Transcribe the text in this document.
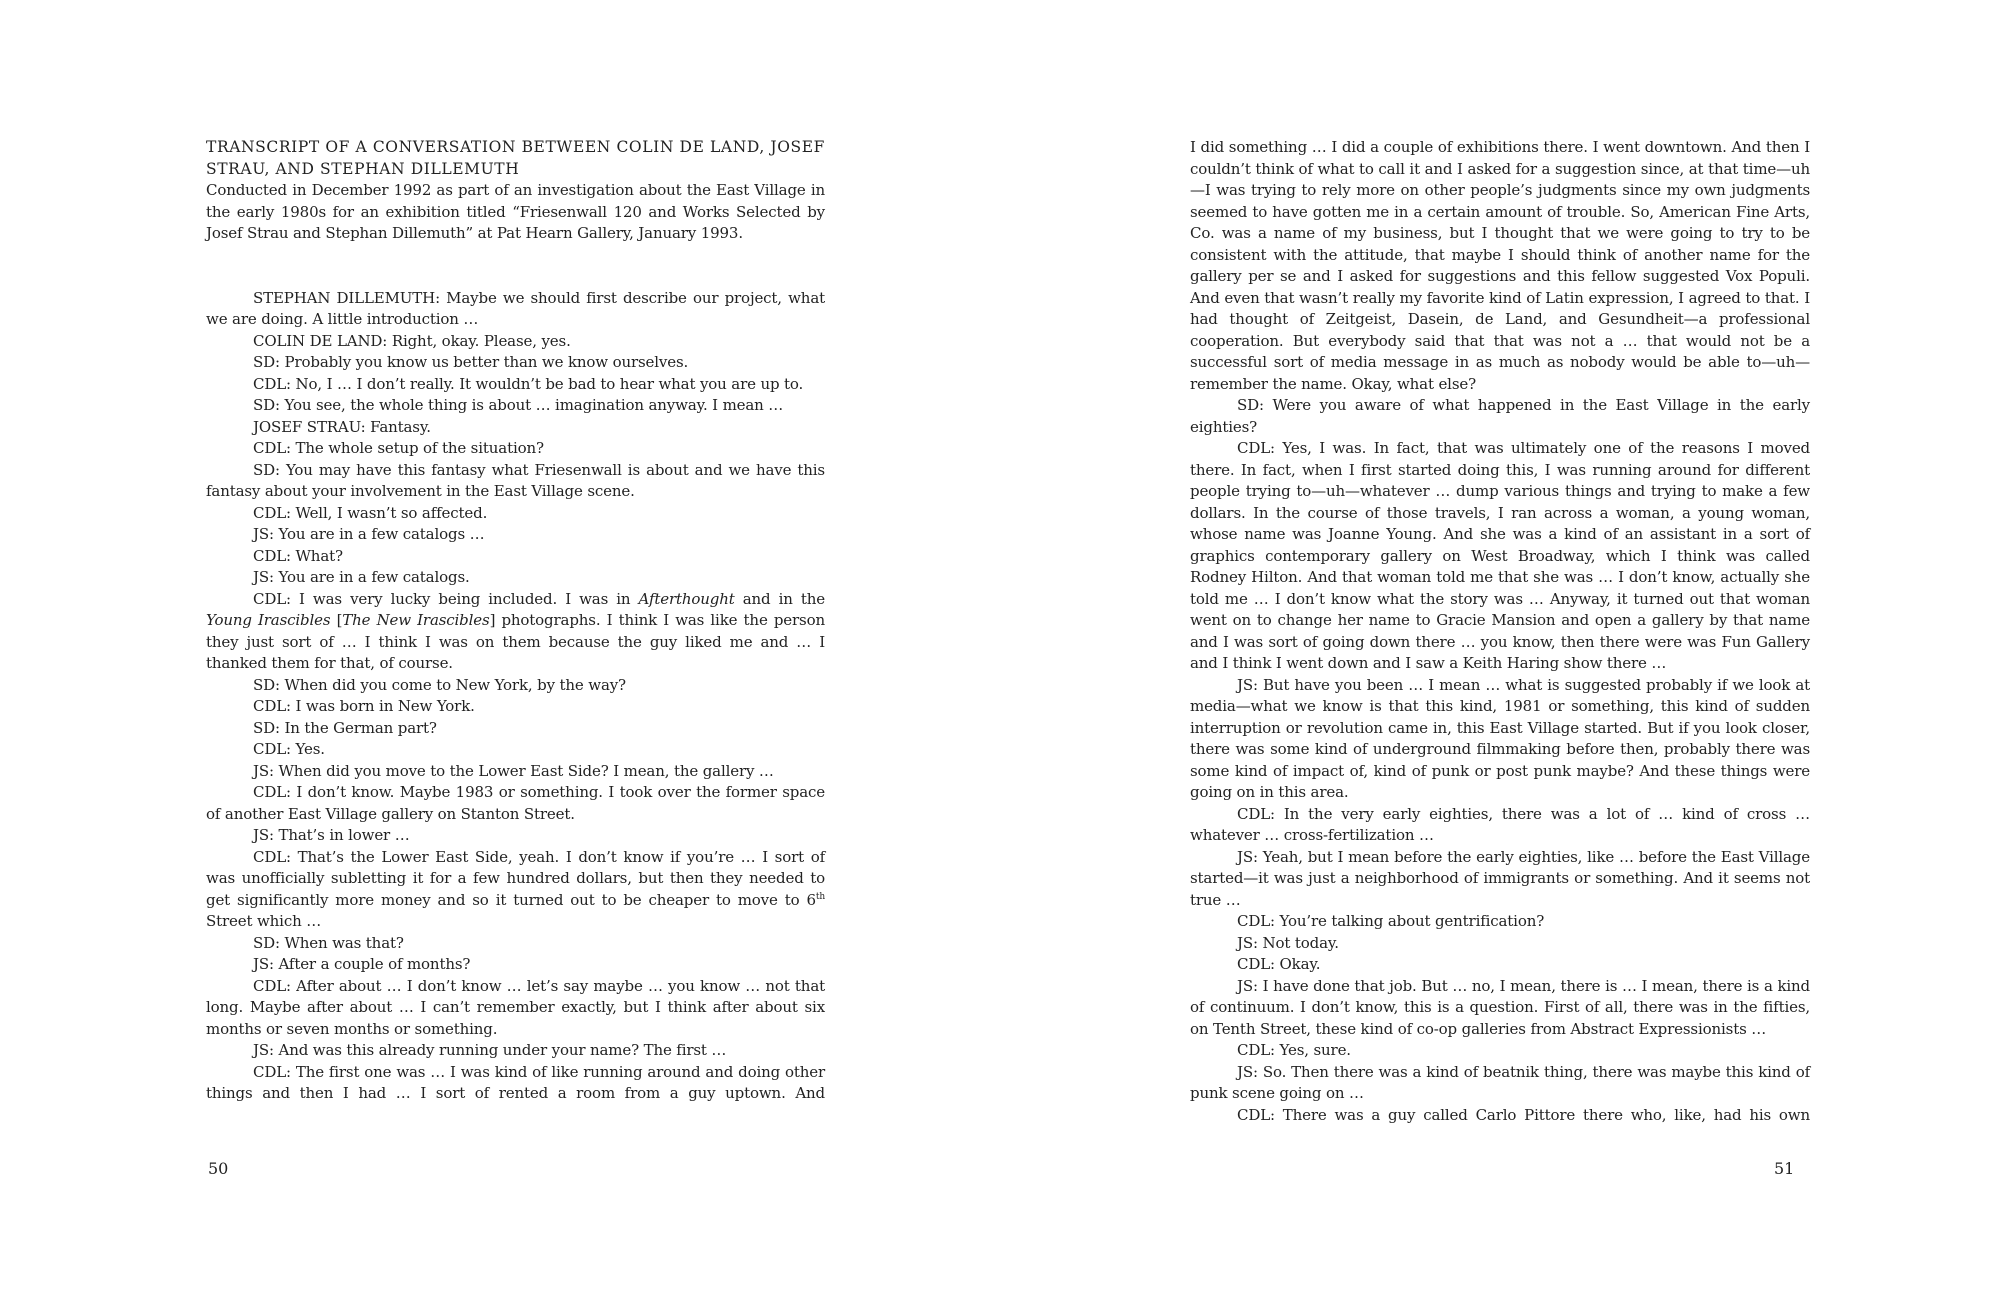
TRANSCRIPT OF A CONVERSATION BETWEEN COLIN DE LAND, JOSEF STRAU, AND STEPHAN DILLEMUTH

Conducted in December 1992 as part of an investigation about the East Village in the early 1980s for an exhibition titled “Friesenwall 120 and Works Selected by Josef Strau and Stephan Dillemuth” at Pat Hearn Gallery, January 1993.

STEPHAN DILLEMUTH: Maybe we should first describe our project, what we are doing. A little introduction …

COLIN DE LAND: Right, okay. Please, yes.

SD: Probably you know us better than we know ourselves.

CDL: No, I … I don’t really. It wouldn’t be bad to hear what you are up to.

SD: You see, the whole thing is about … imagination anyway. I mean …

JOSEF STRAU: Fantasy.

CDL: The whole setup of the situation?

SD: You may have this fantasy what Friesenwall is about and we have this fantasy about your involvement in the East Village scene.

CDL: Well, I wasn’t so affected.

JS: You are in a few catalogs …

CDL: What?

JS: You are in a few catalogs.

CDL: I was very lucky being included. I was in Afterthought and in the Young Irascibles [The New Irascibles] photographs. I think I was like the person they just sort of … I think I was on them because the guy liked me and … I thanked them for that, of course.

SD: When did you come to New York, by the way?

CDL: I was born in New York.

SD: In the German part?

CDL: Yes.

JS: When did you move to the Lower East Side? I mean, the gallery …

CDL: I don’t know. Maybe 1983 or something. I took over the former space of another East Village gallery on Stanton Street.

JS: That’s in lower …

CDL: That’s the Lower East Side, yeah. I don’t know if you’re … I sort of was unofficially subletting it for a few hundred dollars, but then they needed to get significantly more money and so it turned out to be cheaper to move to 6th Street which …

SD: When was that?

JS: After a couple of months?

CDL: After about … I don’t know … let’s say maybe … you know … not that long. Maybe after about … I can’t remember exactly, but I think after about six months or seven months or something.

JS: And was this already running under your name? The first …

CDL: The first one was … I was kind of like running around and doing other things and then I had … I sort of rented a room from a guy uptown. And

50

I did something … I did a couple of exhibitions there. I went downtown. And then I couldn’t think of what to call it and I asked for a suggestion since, at that time—uh—I was trying to rely more on other people’s judgments since my own judgments seemed to have gotten me in a certain amount of trouble. So, American Fine Arts, Co. was a name of my business, but I thought that we were going to try to be consistent with the attitude, that maybe I should think of another name for the gallery per se and I asked for suggestions and this fellow suggested Vox Populi. And even that wasn’t really my favorite kind of Latin expression, I agreed to that. I had thought of Zeitgeist, Dasein, de Land, and Gesundheit—a professional cooperation. But everybody said that that was not a … that would not be a successful sort of media message in as much as nobody would be able to—uh—remember the name. Okay, what else?

SD: Were you aware of what happened in the East Village in the early eighties?

CDL: Yes, I was. In fact, that was ultimately one of the reasons I moved there. In fact, when I first started doing this, I was running around for different people trying to—uh—whatever … dump various things and trying to make a few dollars. In the course of those travels, I ran across a woman, a young woman, whose name was Joanne Young. And she was a kind of an assistant in a sort of graphics contemporary gallery on West Broadway, which I think was called Rodney Hilton. And that woman told me that she was … I don’t know, actually she told me … I don’t know what the story was … Anyway, it turned out that woman went on to change her name to Gracie Mansion and open a gallery by that name and I was sort of going down there … you know, then there were was Fun Gallery and I think I went down and I saw a Keith Haring show there …

JS: But have you been … I mean … what is suggested probably if we look at media—what we know is that this kind, 1981 or something, this kind of sudden interruption or revolution came in, this East Village started. But if you look closer, there was some kind of underground filmmaking before then, probably there was some kind of impact of, kind of punk or post punk maybe? And these things were going on in this area.

CDL: In the very early eighties, there was a lot of … kind of cross … whatever … cross-fertilization …

JS: Yeah, but I mean before the early eighties, like … before the East Village started—it was just a neighborhood of immigrants or something. And it seems not true …

CDL: You’re talking about gentrification?

JS: Not today.

CDL: Okay.

JS: I have done that job. But … no, I mean, there is … I mean, there is a kind of continuum. I don’t know, this is a question. First of all, there was in the fifties, on Tenth Street, these kind of co-op galleries from Abstract Expressionists …

CDL: Yes, sure.

JS: So. Then there was a kind of beatnik thing, there was maybe this kind of punk scene going on …

CDL: There was a guy called Carlo Pittore there who, like, had his own

51
